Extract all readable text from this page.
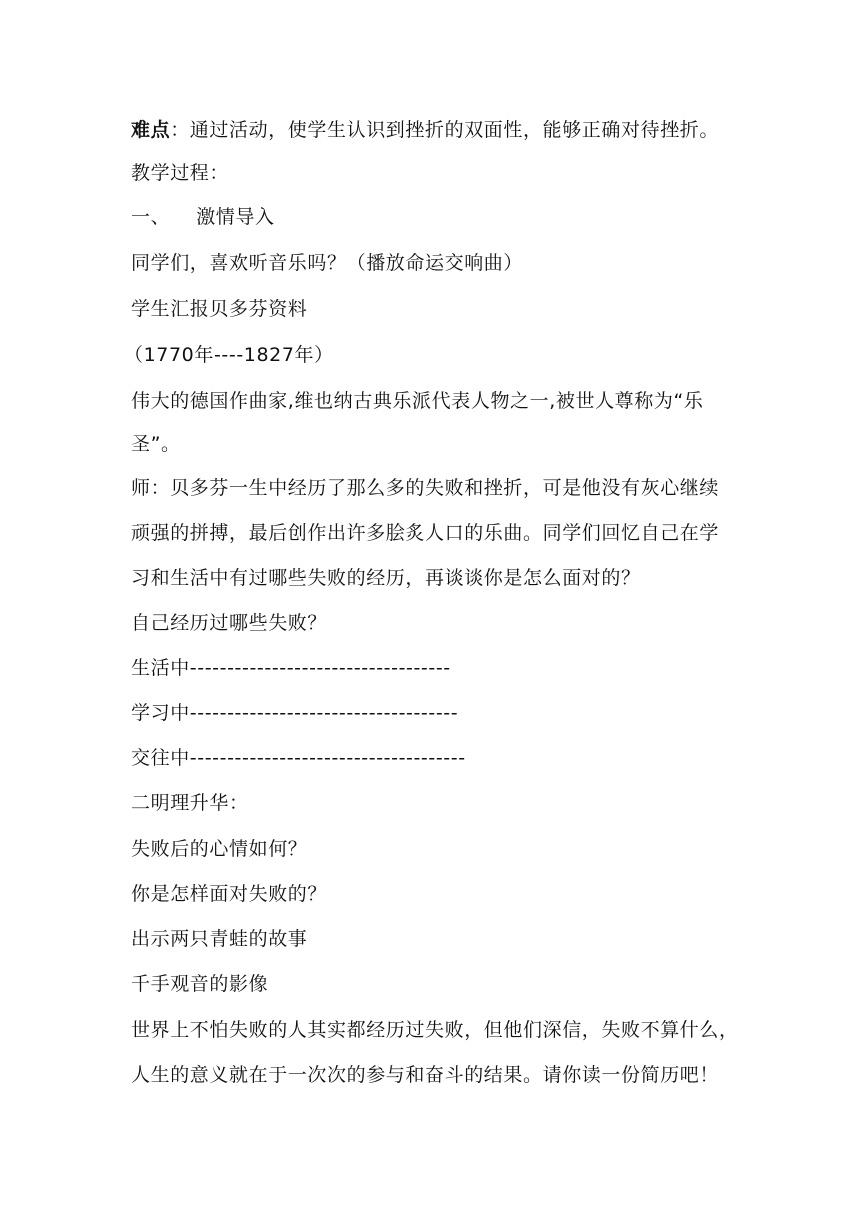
难点：通过活动，使学生认识到挫折的双面性，能够正确对待挫折。
教学过程：
一、 激情导入
同学们，喜欢听音乐吗？（播放命运交响曲）
学生汇报贝多芬资料
（1770年----1827年）
伟大的德国作曲家,维也纳古典乐派代表人物之一,被世人尊称为“乐
圣”。
师：贝多芬一生中经历了那么多的失败和挫折，可是他没有灰心继续
顽强的拼搏，最后创作出许多脍炙人口的乐曲。同学们回忆自己在学
习和生活中有过哪些失败的经历，再谈谈你是怎么面对的？
自己经历过哪些失败？
生活中-----------------------------------
学习中------------------------------------
交往中-------------------------------------
二明理升华：
失败后的心情如何？
你是怎样面对失败的？
出示两只青蛙的故事
千手观音的影像
世界上不怕失败的人其实都经历过失败，但他们深信，失败不算什么，
人生的意义就在于一次次的参与和奋斗的结果。请你读一份简历吧！
